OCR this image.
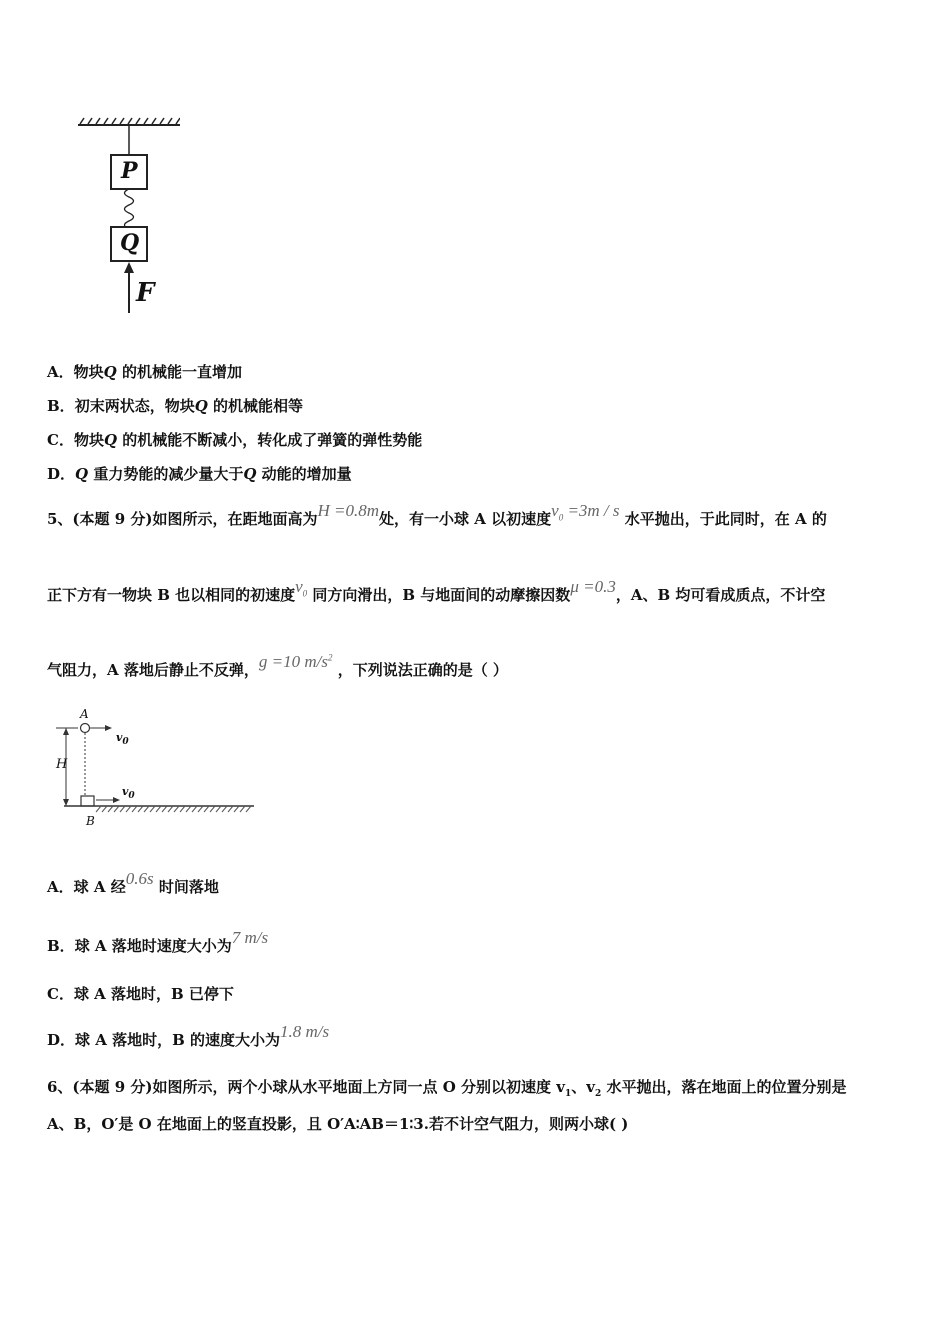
P
Q
F
A．物块Q 的机械能一直增加
B．初末两状态，物块Q 的机械能相等
C．物块Q 的机械能不断减小，转化成了弹簧的弹性势能
D．Q 重力势能的减少量大于Q 动能的增加量
5、(本题 9 分)如图所示，在距地面高为H =0.8m处，有一小球 A 以初速度$v_0 =3m / s$ 水平抛出，于此同时，在 A 的
正下方有一物块 B 也以相同的初速度$v_0$ 同方向滑出，B 与地面间的动摩擦因数μ =0.3，A、B 均可看成质点，不计空
气阻力，A 落地后静止不反弹，g =10 $m/s^2$ ，下列说法正确的是（ ）
A
H
B
$v_0$
$v_0$
A．球 A 经0.6s 时间落地
B．球 A 落地时速度大小为7 m/s
C．球 A 落地时，B 已停下
D．球 A 落地时，B 的速度大小为1.8 m/s
6、(本题 9 分)如图所示，两个小球从水平地面上方同一点 O 分别以初速度 $v_1$、$v_2$ 水平抛出，落在地面上的位置分别是
A、B，O′是 O 在地面上的竖直投影，且 O′A∶AB＝1∶3.若不计空气阻力，则两小球( )
